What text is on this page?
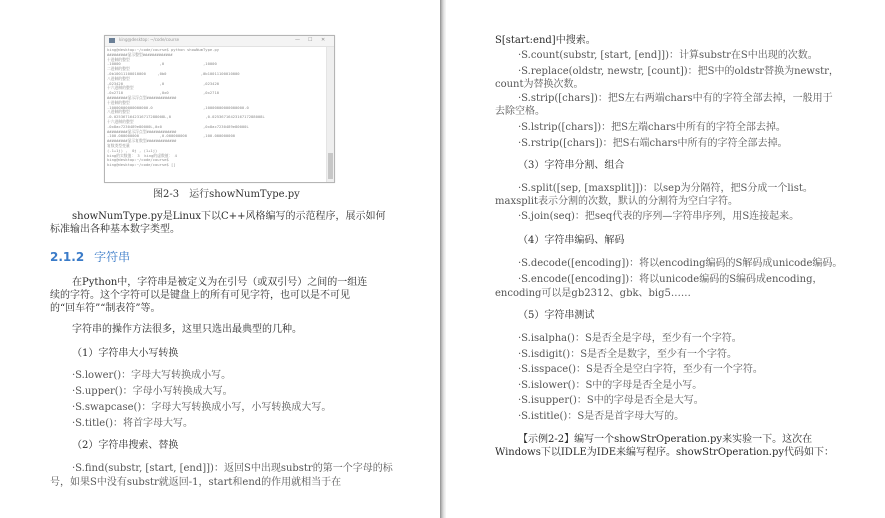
king@desktop: ~/code/course	— ☐ ✕
king@desktop:~/code/course$ python showNumType.py
#########显示整型#############
十进制的整型
-10000                 ,0                 ,10000
二进制的整型
-0b10011100010000     ,0b0               ,0b10011100010000
八进制的整型
-023420                ,0                 ,023420
十六进制的整型
-0x2710                ,0x0               ,0x2710
#########显示浮点型#############
十进制的整型
-10000000000000000.0                      ,10000000000000000.0
八进制的整型
-0.0253671642316717288008L,0               ,0.0253671642316717288008L
十六进制的整型
-0x8ac7230489e80000L,0x0                  ,0x8ac7230489e80000L
#########显示浮点型#############
-100.000000000         ,0.000000000       ,100.000000000
#########显示复数型#############
复数类型变量
(-1+1j) ,  0j , (1+1j)
king的实数值： 3  king的虚数值： 4
king@desktop:~/code/course$
king@desktop:~/code/course$ []
图2-3　运行showNumType.py
showNumType.py是Linux下以C++风格编写的示范程序，展示如何
标准输出各种基本数字类型。
2.1.2 字符串
在Python中，字符串是被定义为在引号（或双引号）之间的一组连
续的字符。这个字符可以是键盘上的所有可见字符，也可以是不可见
的“回车符”“制表符”等。
字符串的操作方法很多，这里只选出最典型的几种。
（1）字符串大小写转换
·S.lower()：字母大写转换成小写。
·S.upper()：字母小写转换成大写。
·S.swapcase()：字母大写转换成小写，小写转换成大写。
·S.title()：将首字母大写。
（2）字符串搜索、替换
·S.find(substr, [start, [end]])：返回S中出现substr的第一个字母的标
号，如果S中没有substr就返回-1，start和end的作用就相当于在
S[start:end]中搜索。
·S.count(substr, [start, [end]])：计算substr在S中出现的次数。
·S.replace(oldstr, newstr, [count])：把S中的oldstr替换为newstr，
count为替换次数。
·S.strip([chars])：把S左右两端chars中有的字符全部去掉，一般用于
去除空格。
·S.lstrip([chars])：把S左端chars中所有的字符全部去掉。
·S.rstrip([chars])：把S右端chars中所有的字符全部去掉。
（3）字符串分割、组合
·S.split([sep, [maxsplit]])：以sep为分隔符，把S分成一个list。
maxsplit表示分割的次数，默认的分割符为空白字符。
·S.join(seq)：把seq代表的序列—字符串序列，用S连接起来。
（4）字符串编码、解码
·S.decode([encoding])：将以encoding编码的S解码成unicode编码。
·S.encode([encoding])：将以unicode编码的S编码成encoding，
encoding可以是gb2312、gbk、big5……
（5）字符串测试
·S.isalpha()：S是否全是字母，至少有一个字符。
·S.isdigit()：S是否全是数字，至少有一个字符。
·S.isspace()：S是否全是空白字符，至少有一个字符。
·S.islower()：S中的字母是否全是小写。
·S.isupper()：S中的字母是否全是大写。
·S.istitle()：S是否是首字母大写的。
【示例2-2】编写一个showStrOperation.py来实验一下。这次在
Windows下以IDLE为IDE来编写程序。showStrOperation.py代码如下：
